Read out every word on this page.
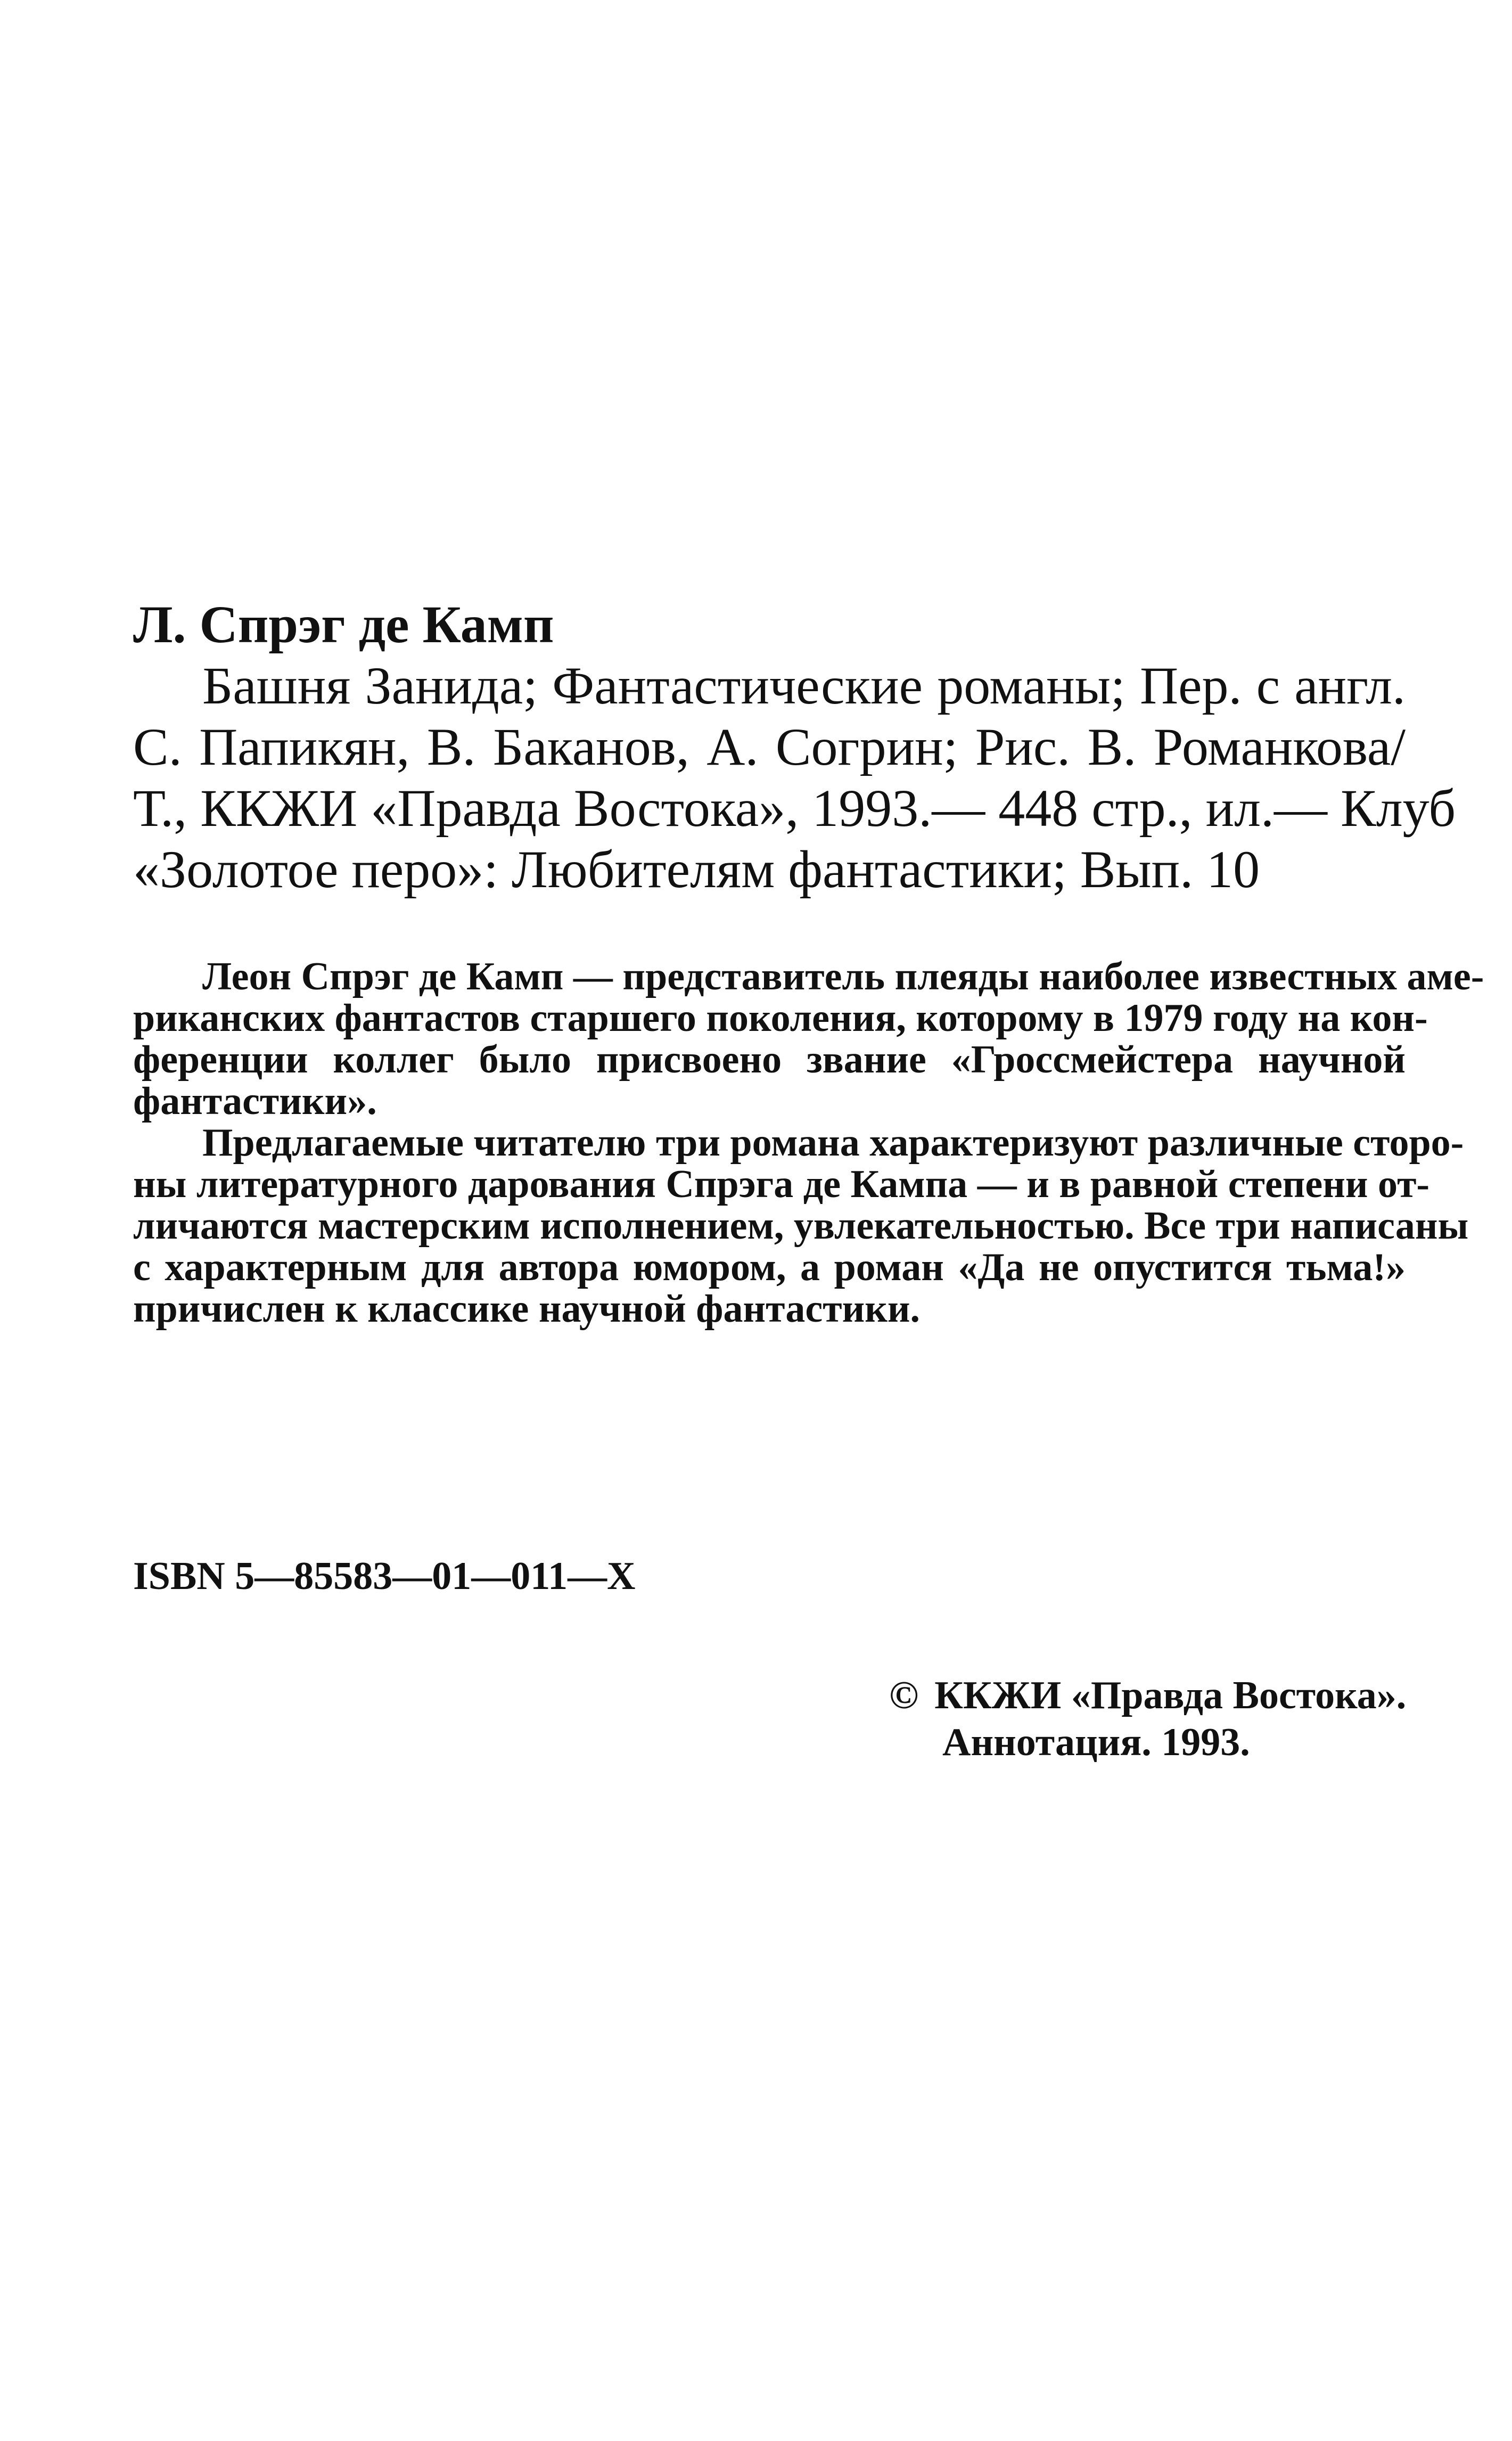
Л. Спрэг де Камп
Башня Занида; Фантастические романы; Пер. с англ.
С. Папикян, В. Баканов, А. Согрин; Рис. В. Романкова/
Т., ККЖИ «Правда Востока», 1993.— 448 стр., ил.— Клуб
«Золотое перо»: Любителям фантастики; Вып. 10
Леон Спрэг де Камп — представитель плеяды наиболее известных аме-
риканских фантастов старшего поколения, которому в 1979 году на кон-
ференции коллег было присвоено звание «Гроссмейстера научной
фантастики».
Предлагаемые читателю три романа характеризуют различные сторо-
ны литературного дарования Спрэга де Кампа — и в равной степени от-
личаются мастерским исполнением, увлекательностью. Все три написаны
с характерным для автора юмором, а роман «Да не опустится тьма!»
причислен к классике научной фантастики.
ISBN 5—85583—01—011—X
© ККЖИ «Правда Востока».
Аннотация. 1993.
